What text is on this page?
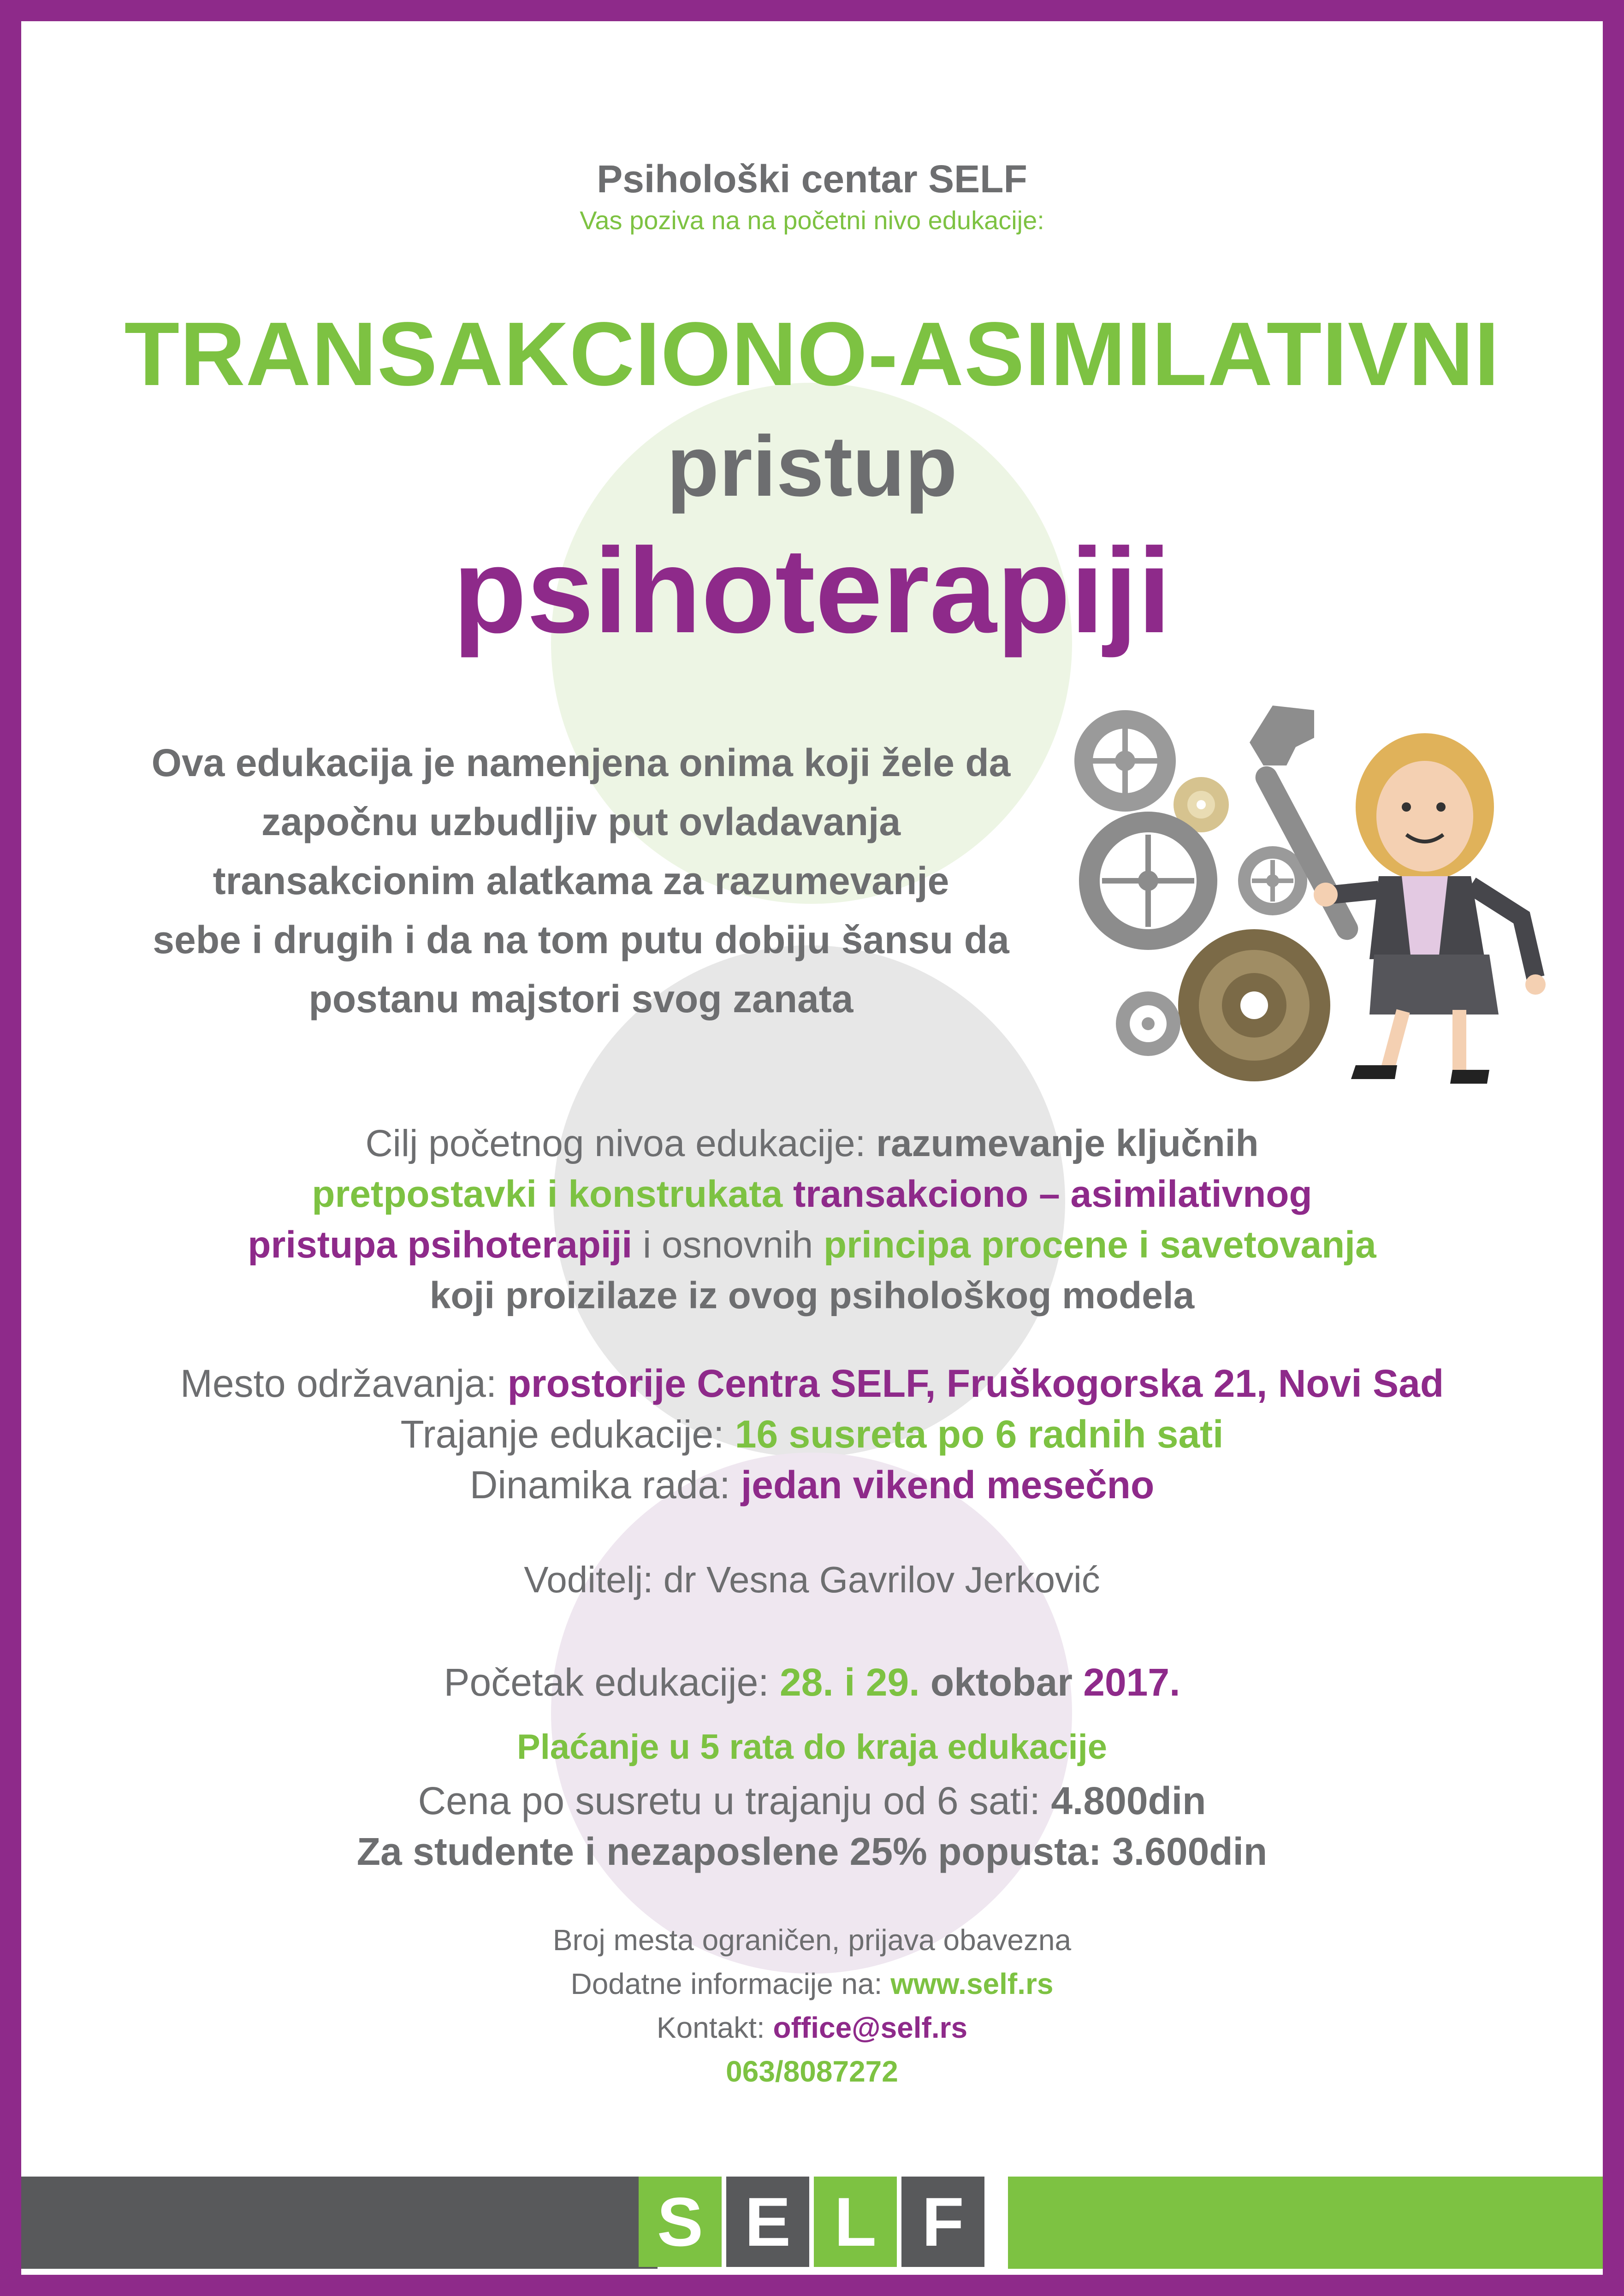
Psihološki centar SELF
Vas poziva na na početni nivo edukacije:
TRANSAKCIONO-ASIMILATIVNI
pristup
psihoterapiji
Ova edukacija je namenjena onima koji žele da
započnu uzbudljiv put ovladavanja
transakcionim alatkama za razumevanje
sebe i drugih i da na tom putu dobiju šansu da
postanu majstori svog zanata
Cilj početnog nivoa edukacije: razumevanje ključnih
pretpostavki i konstrukata transakciono – asimilativnog
pristupa psihoterapiji i osnovnih principa procene i savetovanja
koji proizilaze iz ovog psihološkog modela
Mesto održavanja: prostorije Centra SELF, Fruškogorska 21, Novi Sad
Trajanje edukacije: 16 susreta po 6 radnih sati
Dinamika rada: jedan vikend mesečno
Voditelj: dr Vesna Gavrilov Jerković
Početak edukacije: 28. i 29. oktobar 2017.
Plaćanje u 5 rata do kraja edukacije
Cena po susretu u trajanju od 6 sati: 4.800din
Za studente i nezaposlene 25% popusta: 3.600din
Broj mesta ograničen, prijava obavezna
Dodatne informacije na: www.self.rs
Kontakt: office@self.rs
063/8087272
S E L F
